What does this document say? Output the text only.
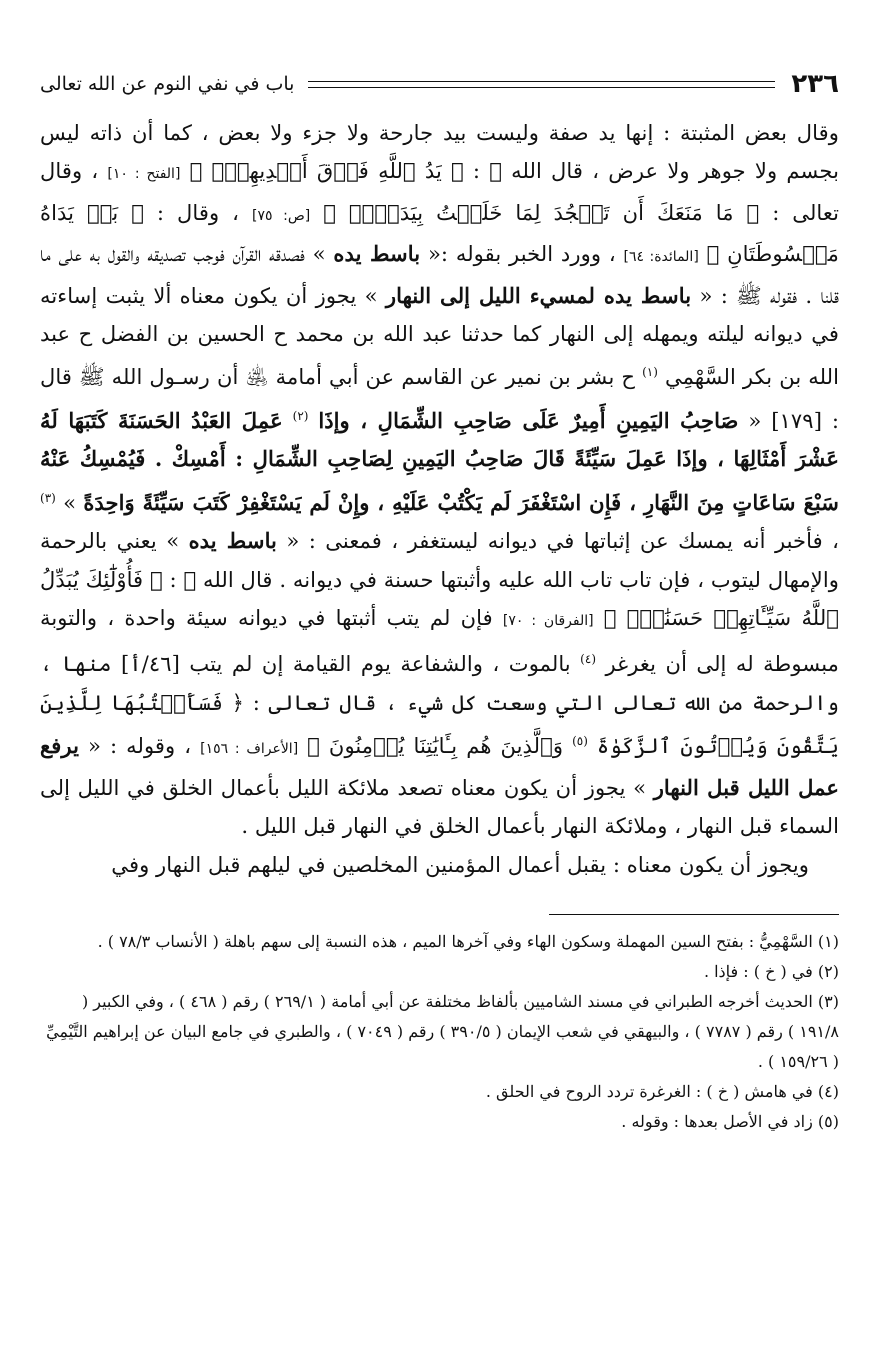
٢٣٦
باب في نفي النوم عن الله تعالى

وقال بعض المثبتة : إنها يد صفة وليست بيد جارحة ولا جزء ولا بعض ، كما أن ذاته ليس بجسم ولا جوهر ولا عرض ، قال الله ﷻ : ﴿ يَدُ ٱللَّهِ فَوۡقَ أَيۡدِيهِمۡۚ ﴾ [الفتح : ١٠] ، وقال تعالى : ﴿ مَا مَنَعَكَ أَن تَسۡجُدَ لِمَا خَلَقۡتُ بِيَدَيَّۖ ﴾ [ص: ٧٥] ، وقال : ﴿ بَلۡ يَدَاهُ مَبۡسُوطَتَانِ ﴾ [المائدة: ٦٤] ، وورد الخبر بقوله :« باسط يده » فصدقه القرآن فوجب تصديقه والقول به على ما قلنا . فقوله ﷺ : « باسط يده لمسيء الليل إلى النهار » يجوز أن يكون معناه ألا يثبت إساءته في ديوانه ليلته ويمهله إلى النهار كما حدثنا عبد الله بن محمد ح الحسين بن الفضل ح عبد الله بن بكر السَّهْمِي $^{(١)}$ ح بشر بن نمير عن القاسم عن أبي أمامة ﵁ أن رسـول الله ﷺ قال : [١٧٩] « صَاحِبُ اليَمِينِ أَمِيرٌ عَلَى صَاحِبِ الشِّمَالِ ، وإذَا $^{(٢)}$ عَمِلَ العَبْدُ الحَسَنَةَ كَتَبَهَا لَهُ عَشْرَ أَمْثَالِهَا ، وإذَا عَمِلَ سَيِّئَةً قَالَ صَاحِبُ اليَمِينِ لِصَاحِبِ الشِّمَالِ : أَمْسِكْ . فَيُمْسِكُ عَنْهُ سَبْعَ سَاعَاتٍ مِنَ النَّهَارِ ، فَإِن اسْتَغْفَرَ لَم يَكْتُبْ عَلَيْهِ ، وإِنْ لَم يَسْتَغْفِرْ كَتَبَ سَيِّئَةً وَاحِدَةً » $^{(٣)}$ ، فأخبر أنه يمسك عن إثباتها في ديوانه ليستغفر ، فمعنى : « باسط يده » يعني بالرحمة والإمهال ليتوب ، فإن تاب تاب الله عليه وأثبتها حسنة في ديوانه . قال الله ﷻ : ﴿ فَأُوْلَٰٓئِكَ يُبَدِّلُ ٱللَّهُ سَيِّـَٔاتِهِمۡ حَسَنَٰتٖۗ ﴾ [الفرقان : ٧٠] فإن لم يتب أثبتها في ديوانه سيئة واحدة ، والتوبة مبسوطة له إلى أن يغرغر $^{(٤)}$ بالموت ، والشفاعة يوم القيامة إن لم يتب [٤٦/أ] منها ، والرحمة من الله تعالى التي وسعت كل شيء ، قال تعالى : ﴿ فَسَأَكۡتُبُهَا لِلَّذِينَ يَتَّقُونَ وَيُؤۡتُونَ ٱلزَّكَوٰةَ $^{(٥)}$ وَٱلَّذِينَ هُم بِـَٔايَٰتِنَا يُؤۡمِنُونَ ﴾ [الأعراف : ١٥٦] ، وقوله : « يرفع عمل الليل قبل النهار » يجوز أن يكون معناه تصعد ملائكة الليل بأعمال الخلق في الليل إلى السماء قبل النهار ، وملائكة النهار بأعمال الخلق في النهار قبل الليل .

ويجوز أن يكون معناه : يقبل أعمال المؤمنين المخلصين في ليلهم قبل النهار وفي

(١) السَّهْمِيُّ : بفتح السين المهملة وسكون الهاء وفي آخرها الميم ، هذه النسبة إلى سهم باهلة ( الأنساب ٧٨/٣ ) .
(٢) في ( خ ) : فإذا .
(٣) الحديث أخرجه الطبراني في مسند الشاميين بألفاظ مختلفة عن أبي أمامة ( ٢٦٩/١ ) رقم ( ٤٦٨ ) ، وفي الكبير ( ١٩١/٨ ) رقم ( ٧٧٨٧ ) ، والبيهقي في شعب الإيمان ( ٣٩٠/٥ ) رقم ( ٧٠٤٩ ) ، والطبري في جامع البيان عن إبراهيم التَّيْمِيِّ ( ١٥٩/٢٦ ) .
(٤) في هامش ( خ ) : الغرغرة تردد الروح في الحلق .
(٥) زاد في الأصل بعدها : وقوله .
